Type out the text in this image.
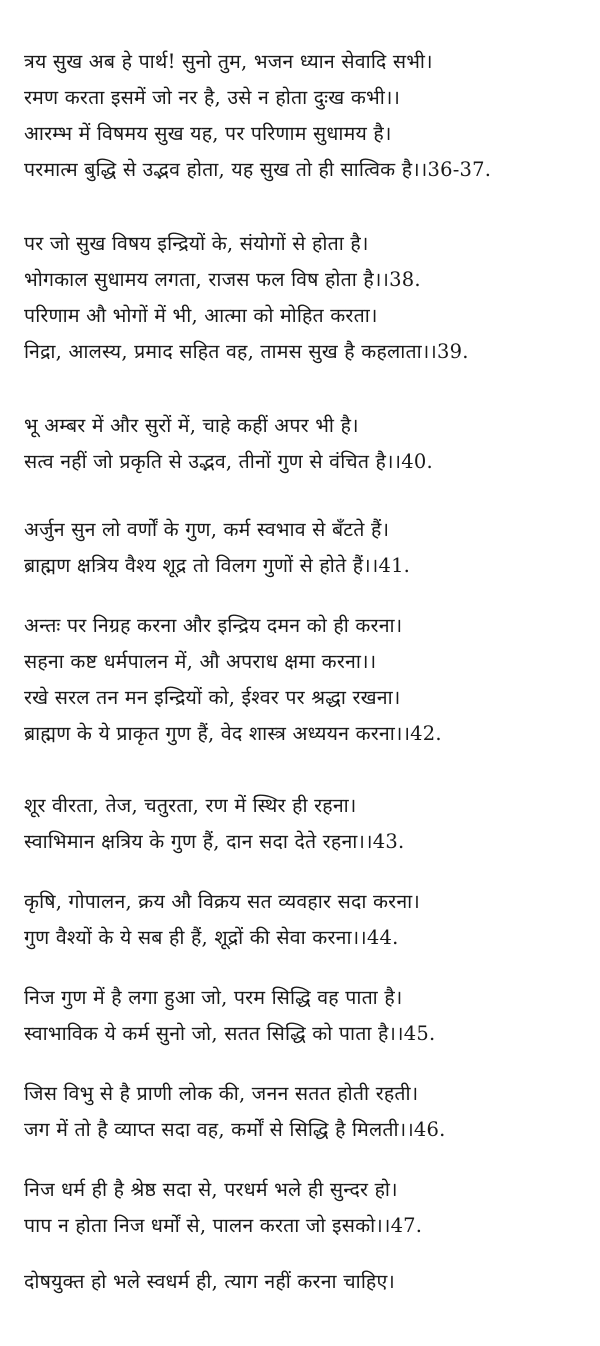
त्रय सुख अब हे पार्थ! सुनो तुम, भजन ध्यान सेवादि सभी।
रमण करता इसमें जो नर है, उसे न होता दुःख कभी।।
आरम्भ में विषमय सुख यह, पर परिणाम सुधामय है।
परमात्म बुद्धि से उद्भव होता, यह सुख तो ही सात्विक है।।36-37.
पर जो सुख विषय इन्द्रियों के, संयोगों से होता है।
भोगकाल सुधामय लगता, राजस फल विष होता है।।38.
परिणाम औ भोगों में भी, आत्मा को मोहित करता।
निद्रा, आलस्य, प्रमाद सहित वह, तामस सुख है कहलाता।।39.
भू अम्बर में और सुरों में, चाहे कहीं अपर भी है।
सत्व नहीं जो प्रकृति से उद्भव, तीनों गुण से वंचित है।।40.
अर्जुन सुन लो वर्णों के गुण, कर्म स्वभाव से बँटते हैं।
ब्राह्मण क्षत्रिय वैश्य शूद्र तो विलग गुणों से होते हैं।।41.
अन्तः पर निग्रह करना और इन्द्रिय दमन को ही करना।
सहना कष्ट धर्मपालन में, औ अपराध क्षमा करना।।
रखे सरल तन मन इन्द्रियों को, ईश्वर पर श्रद्धा रखना।
ब्राह्मण के ये प्राकृत गुण हैं, वेद शास्त्र अध्ययन करना।।42.
शूर वीरता, तेज, चतुरता, रण में स्थिर ही रहना।
स्वाभिमान क्षत्रिय के गुण हैं, दान सदा देते रहना।।43.
कृषि, गोपालन, क्रय औ विक्रय सत व्यवहार सदा करना।
गुण वैश्यों के ये सब ही हैं, शूद्रों की सेवा करना।।44.
निज गुण में है लगा हुआ जो, परम सिद्धि वह पाता है।
स्वाभाविक ये कर्म सुनो जो, सतत सिद्धि को पाता है।।45.
जिस विभु से है प्राणी लोक की, जनन सतत होती रहती।
जग में तो है व्याप्त सदा वह, कर्मों से सिद्धि है मिलती।।46.
निज धर्म ही है श्रेष्ठ सदा से, परधर्म भले ही सुन्दर हो।
पाप न होता निज धर्मों से, पालन करता जो इसको।।47.
दोषयुक्त हो भले स्वधर्म ही, त्याग नहीं करना चाहिए।
